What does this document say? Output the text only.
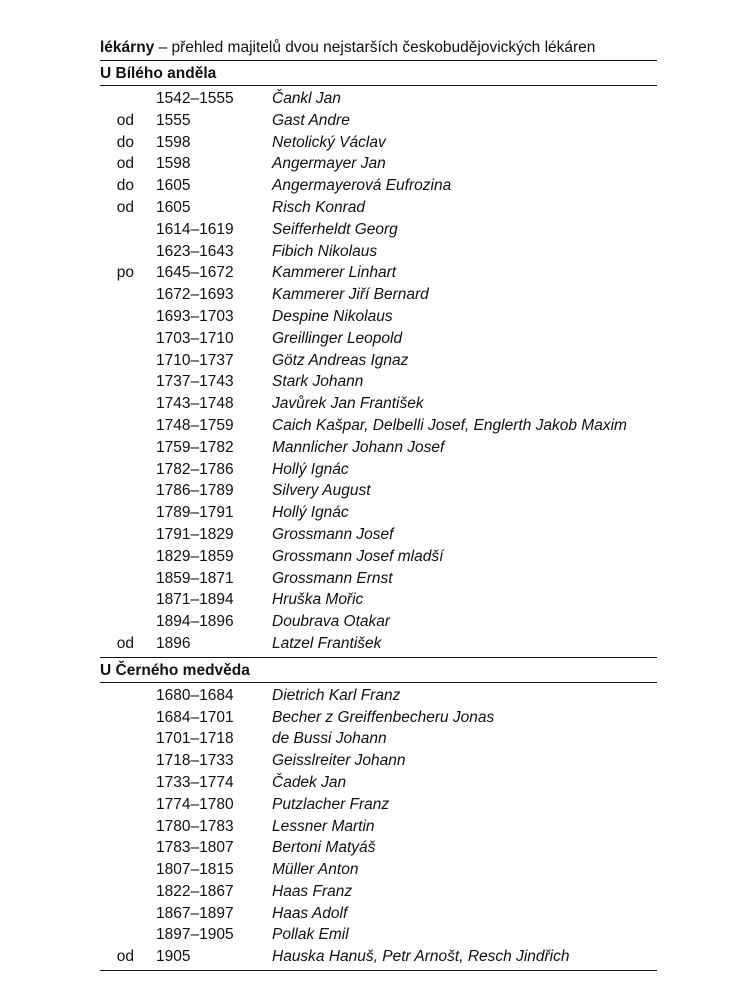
lékárny – přehled majitelů dvou nejstarších českobudějovických lékáren
U Bílého anděla
1542–1555 Čankl Jan
od 1555	Gast Andre
do 1598	Netolický Václav
od 1598	Angermayer Jan
do 1605	Angermayerová Eufrozina
od 1605	Risch Konrad
1614–1619 Seifferheldt Georg
1623–1643 Fibich Nikolaus
po 1645–1672 Kammerer Linhart
1672–1693 Kammerer Jiří Bernard
1693–1703 Despine Nikolaus
1703–1710 Greillinger Leopold
1710–1737 Götz Andreas Ignaz
1737–1743 Stark Johann
1743–1748 Javůrek Jan František
1748–1759 Caich Kašpar, Delbelli Josef, Englerth Jakob Maxim
1759–1782 Mannlicher Johann Josef
1782–1786 Hollý Ignác
1786–1789 Silvery August
1789–1791 Hollý Ignác
1791–1829 Grossmann Josef
1829–1859 Grossmann Josef mladší
1859–1871 Grossmann Ernst
1871–1894 Hruška Mořic
1894–1896 Doubrava Otakar
od 1896	Latzel František
U Černého medvěda
1680–1684 Dietrich Karl Franz
1684–1701 Becher z Greiffenbecheru Jonas
1701–1718 de Bussi Johann
1718–1733 Geisslreiter Johann
1733–1774 Čadek Jan
1774–1780 Putzlacher Franz
1780–1783 Lessner Martin
1783–1807 Bertoni Matyáš
1807–1815 Müller Anton
1822–1867 Haas Franz
1867–1897 Haas Adolf
1897–1905 Pollak Emil
od 1905	Hauska Hanuš, Petr Arnošt, Resch Jindřich
